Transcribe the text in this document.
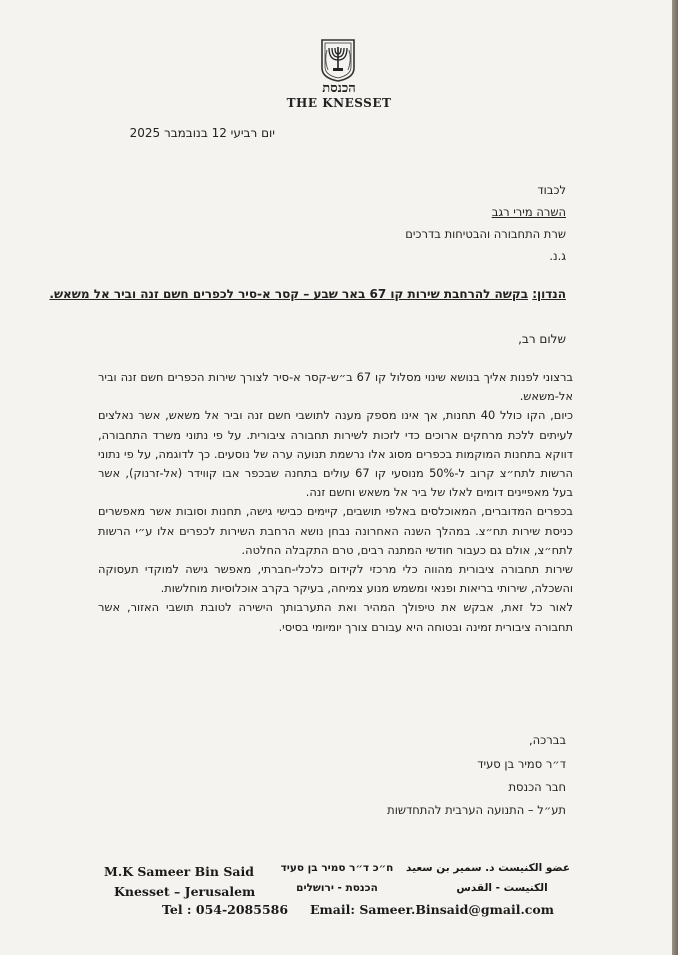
הכנסת
THE KNESSET
יום רביעי 12 בנובמבר 2025
לכבוד
השרה מירי רגב
שרת התחבורה והבטיחות בדרכים
ג.נ.
הנדון: בקשה להרחבת שירות קו 67 באר שבע – קסר א-סיר לכפרים חשם זנה וביר אל משאש.
שלום רב,

ברצוני לפנות אליך בנושא שינוי מסלול קו 67 ב״ש-קסר א-סיר לצורך שירות הכפרים חשם זנה וביר אל-משאש.

כיום, הקו כולל 40 תחנות, אך אינו מספק מענה לתושבי חשם זנה וביר אל משאש, אשר נאלצים לעיתים ללכת מרחקים ארוכים כדי לזכות לשירות תחבורה ציבורית. על פי נתוני משרד התחבורה, דווקא בתחנות המוקמות בכפרים מסוג אלו נרשמת תנועה ערה של נוסעים. כך לדוגמה, על פי נתוני הרשות לתח״צ קרוב ל-50% מנוסעי קו 67 עולים בתחנה שבכפר אבו קווידר (אל-זרנוק), אשר בעל מאפיינים דומים לאלו של ביר אל משאש וחשם זנה.

בכפרים המדוברים, המאוכלסים באלפי תושבים, קיימים כבישי גישה, תחנות וסובות אשר מאפשרים כניסת שירות תח״צ. במהלך השנה האחרונה נבחן נושא הרחבת השירות לכפרים אלו ע״י הרשות לתח״צ, אולם גם כעבור חודשי המתנה רבים, טרם התקבלה החלטה.

שירות תחבורה ציבורית מהווה כלי מרכזי לקידום כלכלי-חברתי, מאפשר גישה למוקדי תעסוקה והשכלה, שירותי בריאות ופנאי ומשמש מנוע צמיחה, בעיקר בקרב אוכלוסיות מוחלשות.

לאור כל זאת, אבקש את טיפולך המהיר ואת התערבותך הישירה לטובת תושבי האזור, אשר תחבורה ציבורית זמינה ובטוחה היא עבורם צורך יומיומי בסיסי.

בברכה,
ד״ר סמיר בן סעיד
חבר הכנסת
תע״ל – התנועה הערבית להתחדשות
M.K Sameer Bin Said
Knesset – Jerusalem
Tel : 054-2085586
ח״כ ד״ר סמיר בן סעיד
הכנסת - ירושלים
Email: Sameer.Binsaid@gmail.com
عضو الكنيست د. سمير بن سعيد
الكنيست - القدس
